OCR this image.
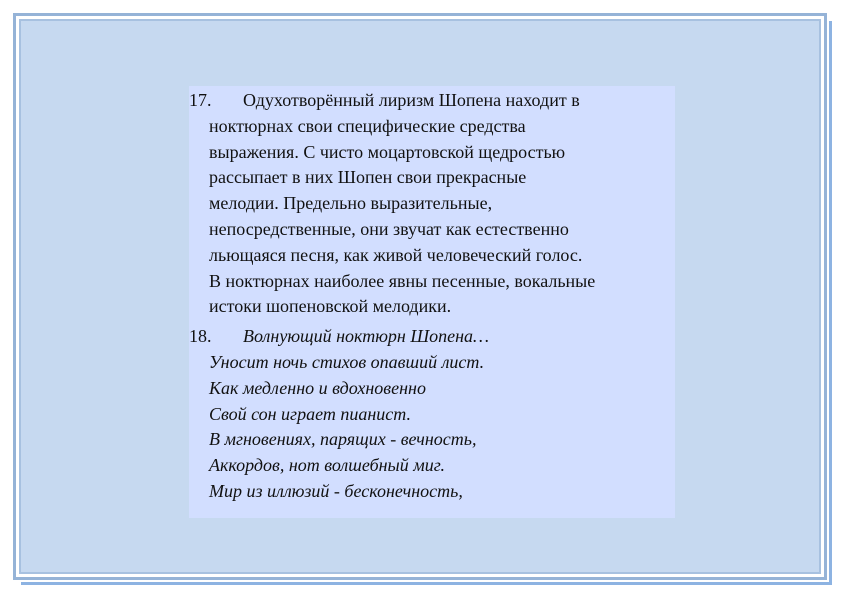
17.	Одухотворённый лиризм Шопена находит в
ноктюрнах свои специфические средства
выражения. С чисто моцартовской щедростью
рассыпает в них Шопен свои прекрасные
мелодии. Предельно выразительные,
непосредственные, они звучат как естественно
льющаяся песня, как живой человеческий голос.
В ноктюрнах наиболее явны песенные, вокальные
истоки шопеновской мелодики.
18.	Волнующий ноктюрн Шопена…
Уносит ночь стихов опавший лист.
Как медленно и вдохновенно
Свой сон играет пианист.
В мгновениях, парящих - вечность,
Аккордов, нот волшебный миг.
Мир из иллюзий - бесконечность,
